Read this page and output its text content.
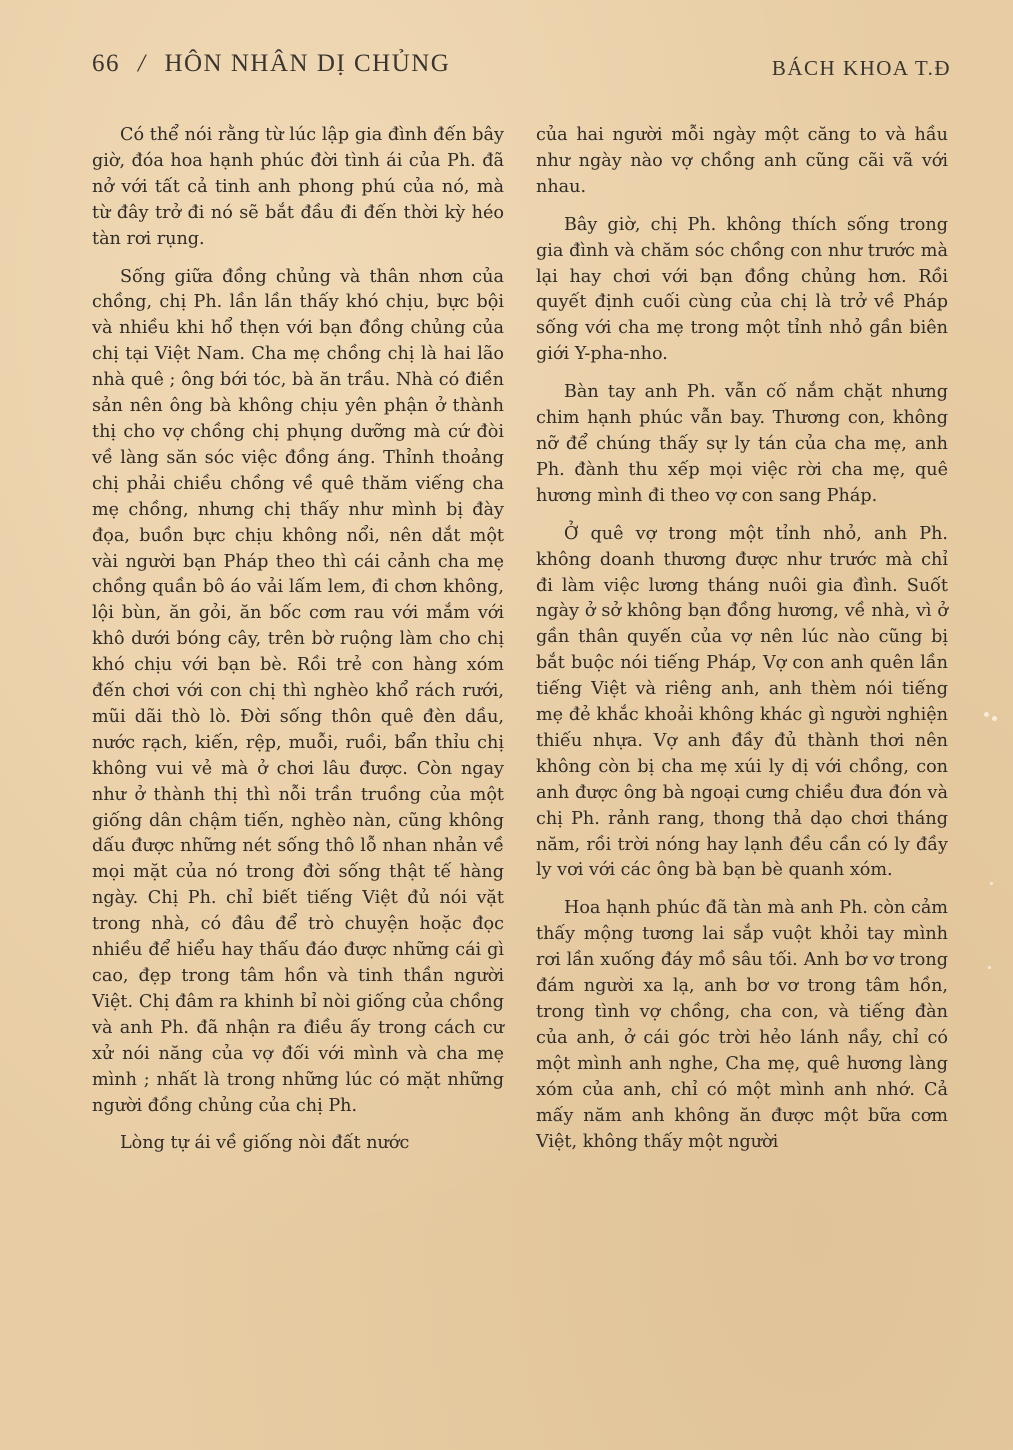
66 / HÔN NHÂN DỊ CHỦNG	BÁCH KHOA T.Đ

Có thể nói rằng từ lúc lập gia đình đến bây giờ, đóa hoa hạnh phúc đời tình ái của Ph. đã nở với tất cả tinh anh phong phú của nó, mà từ đây trở đi nó sẽ bắt đầu đi đến thời kỳ héo tàn rơi rụng.

Sống giữa đồng chủng và thân nhơn của chồng, chị Ph. lần lần thấy khó chịu, bực bội và nhiều khi hổ thẹn với bạn đồng chủng của chị tại Việt Nam. Cha mẹ chồng chị là hai lão nhà quê ; ông bới tóc, bà ăn trầu. Nhà có điền sản nên ông bà không chịu yên phận ở thành thị cho vợ chồng chị phụng dưỡng mà cứ đòi về làng săn sóc việc đồng áng. Thỉnh thoảng chị phải chiều chồng về quê thăm viếng cha mẹ chồng, nhưng chị thấy như mình bị đày đọa, buồn bực chịu không nổi, nên dắt một vài người bạn Pháp theo thì cái cảnh cha mẹ chồng quần bô áo vải lấm lem, đi chơn không, lội bùn, ăn gỏi, ăn bốc cơm rau với mắm với khô dưới bóng cây, trên bờ ruộng làm cho chị khó chịu với bạn bè. Rồi trẻ con hàng xóm đến chơi với con chị thì nghèo khổ rách rưới, mũi dãi thò lò. Đời sống thôn quê đèn dầu, nước rạch, kiến, rệp, muỗi, ruồi, bẩn thỉu chị không vui vẻ mà ở chơi lâu được. Còn ngay như ở thành thị thì nỗi trần truồng của một giống dân chậm tiến, nghèo nàn, cũng không dấu được những nét sống thô lỗ nhan nhản về mọi mặt của nó trong đời sống thật tế hàng ngày. Chị Ph. chỉ biết tiếng Việt đủ nói vặt trong nhà, có đâu để trò chuyện hoặc đọc nhiều để hiểu hay thấu đáo được những cái gì cao, đẹp trong tâm hồn và tinh thần người Việt. Chị đâm ra khinh bỉ nòi giống của chồng và anh Ph. đã nhận ra điều ấy trong cách cư xử nói năng của vợ đối với mình và cha mẹ mình ; nhất là trong những lúc có mặt những người đồng chủng của chị Ph.

Lòng tự ái về giống nòi đất nước

của hai người mỗi ngày một căng to và hầu như ngày nào vợ chồng anh cũng cãi vã với nhau.

Bây giờ, chị Ph. không thích sống trong gia đình và chăm sóc chồng con như trước mà lại hay chơi với bạn đồng chủng hơn. Rồi quyết định cuối cùng của chị là trở về Pháp sống với cha mẹ trong một tỉnh nhỏ gần biên giới Y-pha-nho.

Bàn tay anh Ph. vẫn cố nắm chặt nhưng chim hạnh phúc vẫn bay. Thương con, không nỡ để chúng thấy sự ly tán của cha mẹ, anh Ph. đành thu xếp mọi việc rời cha mẹ, quê hương mình đi theo vợ con sang Pháp.

Ở quê vợ trong một tỉnh nhỏ, anh Ph. không doanh thương được như trước mà chỉ đi làm việc lương tháng nuôi gia đình. Suốt ngày ở sở không bạn đồng hương, về nhà, vì ở gần thân quyến của vợ nên lúc nào cũng bị bắt buộc nói tiếng Pháp, Vợ con anh quên lần tiếng Việt và riêng anh, anh thèm nói tiếng mẹ đẻ khắc khoải không khác gì người nghiện thiếu nhựa. Vợ anh đầy đủ thành thơi nên không còn bị cha mẹ xúi ly dị với chồng, con anh được ông bà ngoại cưng chiều đưa đón và chị Ph. rảnh rang, thong thả dạo chơi tháng năm, rồi trời nóng hay lạnh đều cần có ly đầy ly vơi với các ông bà bạn bè quanh xóm.

Hoa hạnh phúc đã tàn mà anh Ph. còn cảm thấy mộng tương lai sắp vuột khỏi tay mình rơi lần xuống đáy mồ sâu tối. Anh bơ vơ trong đám người xa lạ, anh bơ vơ trong tâm hồn, trong tình vợ chồng, cha con, và tiếng đàn của anh, ở cái góc trời hẻo lánh nầy, chỉ có một mình anh nghe, Cha mẹ, quê hương làng xóm của anh, chỉ có một mình anh nhớ. Cả mấy năm anh không ăn được một bữa cơm Việt, không thấy một người
